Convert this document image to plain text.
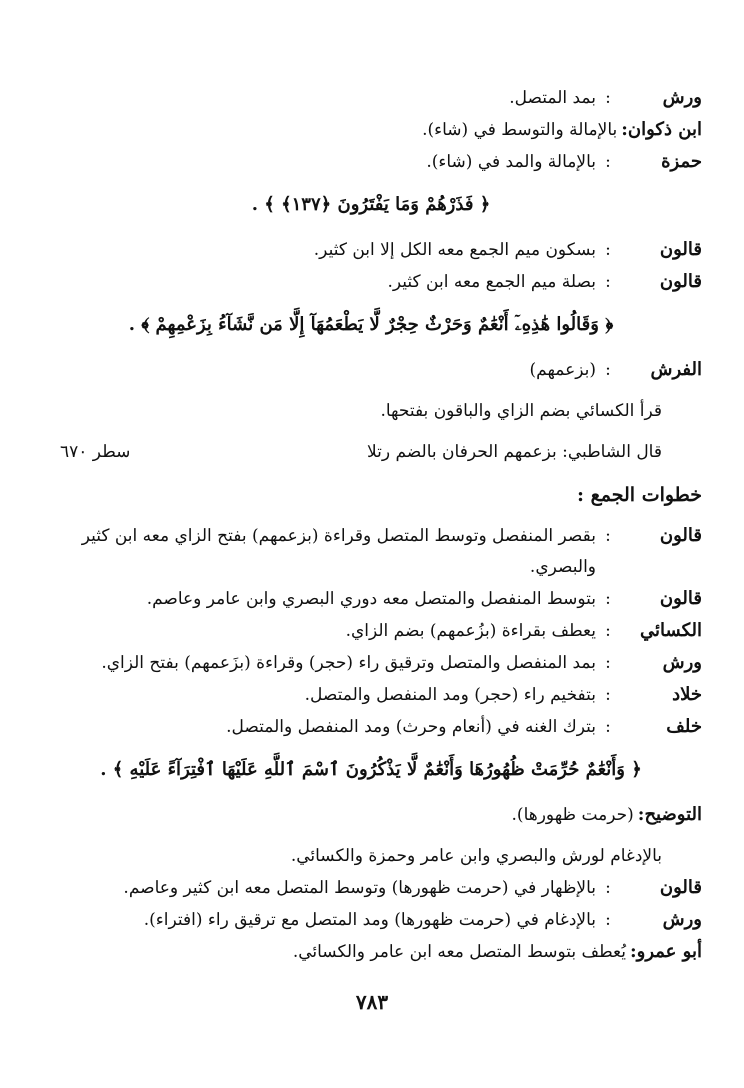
ورش
:
بمد المتصل.
ابن ذكوان:
بالإمالة والتوسط في (شاء).
حمزة
:
بالإمالة والمد في (شاء).
﴿ فَذَرْهُمْ وَمَا يَفْتَرُونَ ﴿١٣٧﴾ ﴾ .
قالون
:
بسكون ميم الجمع معه الكل إلا ابن كثير.
قالون
:
بصلة ميم الجمع معه ابن كثير.
﴿ وَقَالُوا هَٰذِهِۦٓ أَنْعَٰمٌ وَحَرْثٌ حِجْرٌ لَّا يَطْعَمُهَآ إِلَّا مَن نَّشَآءُ بِزَعْمِهِمْ ﴾ .
الفرش
:
(بزعمهم)
قرأ الكسائي بضم الزاي والباقون بفتحها.
قال الشاطبي: بزعمهم الحرفان بالضم رتلا
سطر ٦٧٠
خطوات الجمع :
قالون
:
بقصر المنفصل وتوسط المتصل وقراءة (بزعمهم) بفتح الزاي معه ابن كثير
والبصري.
قالون
:
بتوسط المنفصل والمتصل معه دوري البصري وابن عامر وعاصم.
الكسائي
:
يعطف بقراءة (بزُعمهم) بضم الزاي.
ورش
:
بمد المنفصل والمتصل وترقيق راء (حجر) وقراءة (بزَعمهم) بفتح الزاي.
خلاد
:
بتفخيم راء (حجر) ومد المنفصل والمتصل.
خلف
:
بترك الغنه في (أنعام وحرث) ومد المنفصل والمتصل.
﴿ وَأَنْعَٰمٌ حُرِّمَتْ ظُهُورُهَا وَأَنْعَٰمٌ لَّا يَذْكُرُونَ ٱسْمَ ٱللَّهِ عَلَيْهَا ٱفْتِرَآءً عَلَيْهِ ﴾ .
التوضيح:
(حرمت ظهورها).
بالإدغام لورش والبصري وابن عامر وحمزة والكسائي.
قالون
:
بالإظهار في (حرمت ظهورها) وتوسط المتصل معه ابن كثير وعاصم.
ورش
:
بالإدغام في (حرمت ظهورها) ومد المتصل مع ترقيق راء (افتراء).
أبو عمرو:
يُعطف بتوسط المتصل معه ابن عامر والكسائي.
٧٨٣
